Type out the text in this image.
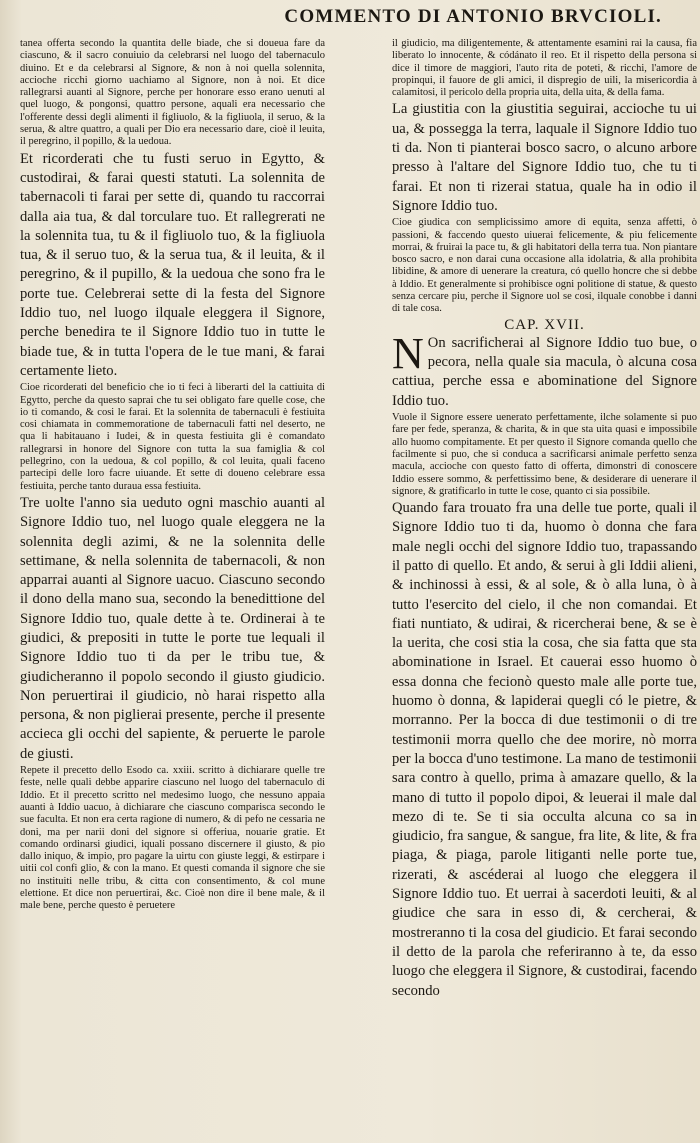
COMMENTO DI ANTONIO BRVCIOLI.

tanea offerta secondo la quantita delle biade, che si doueua fare da ciascuno, & il sacro conuiuio da celebrarsi nel luogo del tabernaculo diuino. Et e da celebrarsi al Signore, & non à noi quella solennita, accioche ricchi giorno uachiamo al Signore, non à noi. Et dice rallegrarsi auanti al Signore, perche per honorare esso erano uenuti al quel luogo, & pongonsi, quattro persone, aquali era necessario che l'offerente dessi degli alimenti il figliuolo, & la figliuola, il seruo, & la serua, & altre quattro, a quali per Dio era necessario dare, cioè il leuita, il peregrino, il popillo, & la uedoua.

Et ricorderati che tu fusti seruo in Egytto, & custodirai, & farai questi statuti. La solennita de tabernacoli ti farai per sette di, quando tu raccorrai dalla aia tua, & dal torculare tuo. Et rallegrerati ne la solennita tua, tu & il figliuolo tuo, & la figliuola tua, & il seruo tuo, & la serua tua, & il leuita, & il peregrino, & il pupillo, & la uedoua che sono fra le porte tue. Celebrerai sette di la festa del Signore Iddio tuo, nel luogo ilquale eleggera il Signore, perche benedira te il Signore Iddio tuo in tutte le biade tue, & in tutta l'opera de le tue mani, & farai certamente lieto.

Cioe ricorderati del beneficio che io ti feci à liberarti del la cattiuita di Egytto, perche da questo saprai che tu sei obligato fare quelle cose, che io ti comando, & cosi le farai. Et la solennita de tabernaculi è festiuita cosi chiamata in commemoratione de tabernaculi fatti nel deserto, ne qua li habitauano i Iudei, & in questa festiuita gli è comandato rallegrarsi in honore del Signore con tutta la sua famiglia & col pellegrino, con la uedoua, & col popillo, & col leuita, quali faceno partecipi delle loro facre uiuande. Et sette di doueno celebrare essa festiuita, perche tanto duraua essa festiuita.

Tre uolte l'anno sia ueduto ogni maschio auanti al Signore Iddio tuo, nel luogo quale eleggera ne la solennita degli azimi, & ne la solennita delle settimane, & nella solennita de tabernacoli, & non apparrai auanti al Signore uacuo. Ciascuno secondo il dono della mano sua, secondo la benedittione del Signore Iddio tuo, quale dette à te. Ordinerai à te giudici, & prepositi in tutte le porte tue lequali il Signore Iddio tuo ti da per le tribu tue, & giudicheranno il popolo secondo il giusto giudicio. Non peruertirai il giudicio, nò harai rispetto alla persona, & non piglierai presente, perche il presente accieca gli occhi del sapiente, & peruerte le parole de giusti.

Repete il precetto dello Esodo ca. xxiii. scritto à dichiarare quelle tre feste, nelle quali debbe apparire ciascuno nel luogo del tabernaculo di Iddio. Et il precetto scritto nel medesimo luogo, che nessuno appaia auanti à Iddio uacuo, à dichiarare che ciascuno comparisca secondo le sue faculta. Et non era certa ragione di numero, & di pefo ne cessaria ne doni, ma per narii doni del signore si offeriua, nouarie gratie. Et comando ordinarsi giudici, iquali possano discernere il giusto, & pio dallo iniquo, & impio, pro pagare la uirtu con giuste leggi, & estirpare i uitii col confi glio, & con la mano. Et questi comanda il signore che sie no instituiti nelle tribu, & citta con consentimento, & col mune elettione. Et dice non peruertirai, &c. Cioè non dire il bene male, & il male bene, perche questo è peruetere

il giudicio, ma diligentemente, & attentamente esamini rai la causa, fia liberato lo innocente, & códánato il reo. Et il rispetto della persona si dice il timore de maggiori, l'auto rita de poteti, & ricchi, l'amore de propinqui, il fauore de gli amici, il dispregio de uili, la misericordia à calamitosi, il pericolo della propria uita, della uita, & della fama.

La giustitia con la giustitia seguirai, accioche tu ui ua, & possegga la terra, laquale il Signore Iddio tuo ti da. Non ti pianterai bosco sacro, o alcuno arbore presso à l'altare del Signore Iddio tuo, che tu ti farai. Et non ti rizerai statua, quale ha in odio il Signore Iddio tuo.

Cioe giudica con semplicissimo amore di equita, senza affetti, ò passioni, & faccendo questo uiuerai felicemente, & piu felicemente morrai, & fruirai la pace tu, & gli habitatori della terra tua. Non piantare bosco sacro, e non darai cuna occasione alla idolatria, & alla prohibita libidine, & amore di uenerare la creatura, có quello honcre che si debbe à Iddio. Et generalmente si prohibisce ogni politione di statue, & questo senza cercare piu, perche il Signore uol se cosi, ilquale conobbe i danni di tale cosa.

CAP. XVII.

N On sacrificherai al Signore Iddio tuo bue, o pecora, nella quale sia macula, ò alcuna cosa cattiua, perche essa e abominatione del Signore Iddio tuo.

Vuole il Signore essere uenerato perfettamente, ilche solamente si puo fare per fede, speranza, & charita, & in que sta uita quasi e impossibile allo huomo compitamente. Et per questo il Signore comanda quello che facilmente si puo, che si conduca a sacrificarsi animale perfetto senza macula, accioche con questo fatto di offerta, dimonstri di conoscere Iddio essere sommo, & perfettissimo bene, & desiderare di uenerare il signore, & gratificarlo in tutte le cose, quanto ci sia possibile.

Quando fara trouato fra una delle tue porte, quali il Signore Iddio tuo ti da, huomo ò donna che fara male negli occhi del signore Iddio tuo, trapassando il patto di quello. Et ando, & serui à gli Iddii alieni, & inchinossi à essi, & al sole, & ò alla luna, ò à tutto l'esercito del cielo, il che non comandai. Et fiati nuntiato, & udirai, & ricercherai bene, & se è la uerita, che cosi stia la cosa, che sia fatta que sta abominatione in Israel. Et cauerai esso huomo ò essa donna che fecionò questo male alle porte tue, huomo ò donna, & lapiderai quegli có le pietre, & morranno. Per la bocca di due testimonii o di tre testimonii morra quello che dee morire, nò morra per la bocca d'uno testimone. La mano de testimonii sara contro à quello, prima à amazare quello, & la mano di tutto il popolo dipoi, & leuerai il male dal mezo di te. Se ti sia occulta alcuna co sa in giudicio, fra sangue, & sangue, fra lite, & lite, & fra piaga, & piaga, parole litiganti nelle porte tue, rizerati, & ascéderai al luogo che eleggera il Signore Iddio tuo. Et uerrai à sacerdoti leuiti, & al giudice che sara in esso di, & cercherai, & mostreranno ti la cosa del giudicio. Et farai secondo il detto de la parola che referiranno à te, da esso luogo che eleggera il Signore, & custodirai, facendo secondo
